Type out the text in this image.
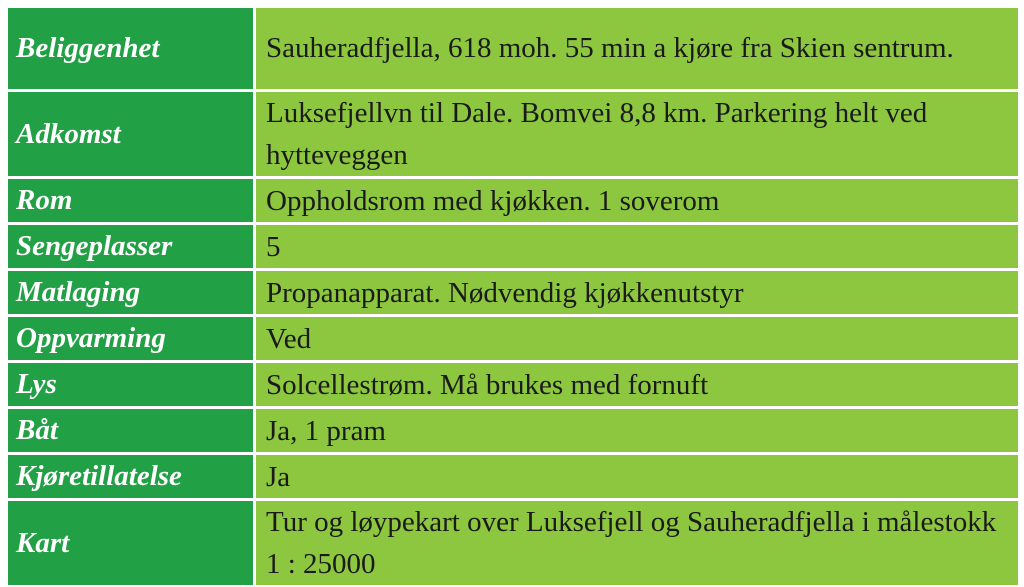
Beliggenhet	Sauheradfjella, 618 moh. 55 min a kjøre fra Skien sentrum.
Adkomst	Luksefjellvn til Dale. Bomvei 8,8 km. Parkering helt ved hytteveggen
Rom	Oppholdsrom med kjøkken. 1 soverom
Sengeplasser	5
Matlaging	Propanapparat. Nødvendig kjøkkenutstyr
Oppvarming	Ved
Lys	Solcellestrøm. Må brukes med fornuft
Båt	Ja, 1 pram
Kjøretillatelse	Ja
Kart	Tur og løypekart over Luksefjell og Sauheradfjella i målestokk 1 : 25000
